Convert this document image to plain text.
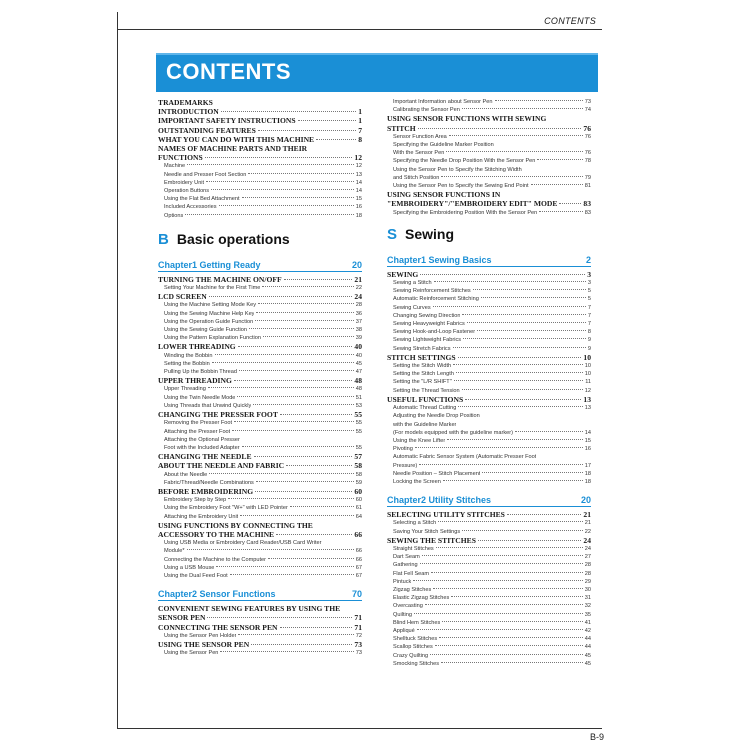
CONTENTS
CONTENTS
TRADEMARKS
INTRODUCTION	1
IMPORTANT SAFETY INSTRUCTIONS	1
OUTSTANDING FEATURES	7
WHAT YOU CAN DO WITH THIS MACHINE	8
NAMES OF MACHINE PARTS AND THEIR
FUNCTIONS	12
Machine	12
Needle and Presser Foot Section	13
Embroidery Unit	14
Operation Buttons	14
Using the Flat Bed Attachment	15
Included Accessories	16
Options	18
B Basic operations
Chapter1 Getting Ready	20
TURNING THE MACHINE ON/OFF	21
Setting Your Machine for the First Time	22
LCD SCREEN	24
Using the Machine Setting Mode Key	28
Using the Sewing Machine Help Key	36
Using the Operation Guide Function	37
Using the Sewing Guide Function	38
Using the Pattern Explanation Function	39
LOWER THREADING	40
Winding the Bobbin	40
Setting the Bobbin	45
Pulling Up the Bobbin Thread	47
UPPER THREADING	48
Upper Threading	48
Using the Twin Needle Mode	51
Using Threads that Unwind Quickly	53
CHANGING THE PRESSER FOOT	55
Removing the Presser Foot	55
Attaching the Presser Foot	55
Attaching the Optional Presser
Foot with the Included Adapter	55
CHANGING THE NEEDLE	57
ABOUT THE NEEDLE AND FABRIC	58
About the Needle	58
Fabric/Thread/Needle Combinations	59
BEFORE EMBROIDERING	60
Embroidery Step by Step	60
Using the Embroidery Foot "W+" with LED Pointer	61
Attaching the Embroidery Unit	64
USING FUNCTIONS BY CONNECTING THE
ACCESSORY TO THE MACHINE	66
Using USB Media or Embroidery Card Reader/USB Card Writer
Module*	66
Connecting the Machine to the Computer	66
Using a USB Mouse	67
Using the Dual Feed Foot	67
Chapter2 Sensor Functions	70
CONVENIENT SEWING FEATURES BY USING THE
SENSOR PEN	71
CONNECTING THE SENSOR PEN	71
Using the Sensor Pen Holder	72
USING THE SENSOR PEN	73
Using the Sensor Pen	73
Important Information about Sensor Pen	73
Calibrating the Sensor Pen	74
USING SENSOR FUNCTIONS WITH SEWING
STITCH	76
Sensor Function Area	76
Specifying the Guideline Marker Position
With the Sensor Pen	76
Specifying the Needle Drop Position With the Sensor Pen	78
Using the Sensor Pen to Specify the Stitching Width
and Stitch Position	79
Using the Sensor Pen to Specify the Sewing End Point	81
USING SENSOR FUNCTIONS IN
"EMBROIDERY"/"EMBROIDERY EDIT" MODE	83
Specifying the Embroidering Position With the Sensor Pen	83
S Sewing
Chapter1 Sewing Basics	2
SEWING	3
Sewing a Stitch	3
Sewing Reinforcement Stitches	5
Automatic Reinforcement Stitching	5
Sewing Curves	7
Changing Sewing Direction	7
Sewing Heavyweight Fabrics	7
Sewing Hook-and-Loop Fastener	8
Sewing Lightweight Fabrics	9
Sewing Stretch Fabrics	9
STITCH SETTINGS	10
Setting the Stitch Width	10
Setting the Stitch Length	10
Setting the "L/R SHIFT"	11
Setting the Thread Tension	12
USEFUL FUNCTIONS	13
Automatic Thread Cutting	13
Adjusting the Needle Drop Position
with the Guideline Marker
(For models equipped with the guideline marker)	14
Using the Knee Lifter	15
Pivoting	16
Automatic Fabric Sensor System (Automatic Presser Foot
Pressure)	17
Needle Position – Stitch Placement	18
Locking the Screen	18
Chapter2 Utility Stitches	20
SELECTING UTILITY STITCHES	21
Selecting a Stitch	21
Saving Your Stitch Settings	22
SEWING THE STITCHES	24
Straight Stitches	24
Dart Seam	27
Gathering	28
Flat Fell Seam	28
Pintuck	29
Zigzag Stitches	30
Elastic Zigzag Stitches	31
Overcasting	32
Quilting	35
Blind Hem Stitches	41
Appliqué	42
Shelltuck Stitches	44
Scallop Stitches	44
Crazy Quilting	45
Smocking Stitches	45
B-9
